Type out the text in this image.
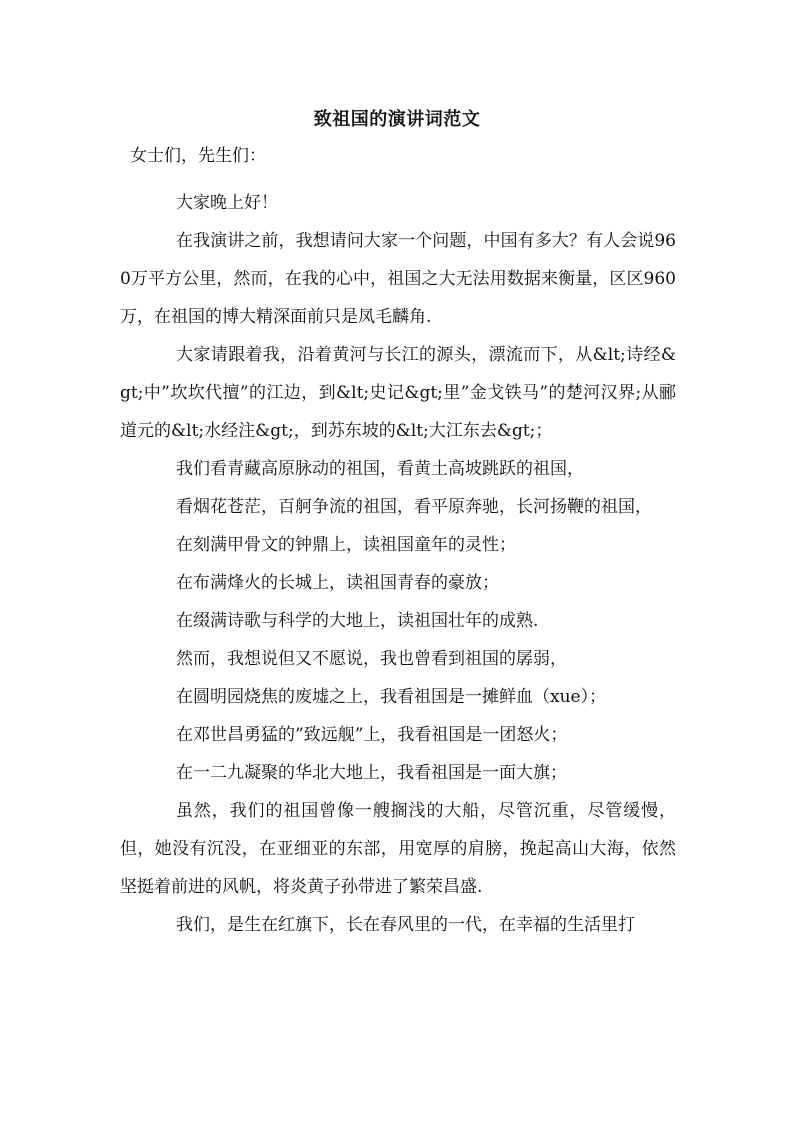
致祖国的演讲词范文

女士们，先生们：

大家晚上好！

在我演讲之前，我想请问大家一个问题，中国有多大？有人会说960万平方公里，然而，在我的心中，祖国之大无法用数据来衡量，区区960万，在祖国的博大精深面前只是凤毛麟角.

大家请跟着我，沿着黄河与长江的源头，漂流而下，从&lt;诗经&gt;中”坎坎代擅”的江边，到&lt;史记&gt;里”金戈铁马”的楚河汉界;从郦道元的&lt;水经注&gt;，到苏东坡的&lt;大江东去&gt;；

我们看青藏高原脉动的祖国，看黄土高坡跳跃的祖国，

看烟花苍茫，百舸争流的祖国，看平原奔驰，长河扬鞭的祖国，

在刻满甲骨文的钟鼎上，读祖国童年的灵性；

在布满烽火的长城上，读祖国青春的豪放；

在缀满诗歌与科学的大地上，读祖国壮年的成熟.

然而，我想说但又不愿说，我也曾看到祖国的孱弱，

在圆明园烧焦的废墟之上，我看祖国是一摊鲜血（xue）；

在邓世昌勇猛的”致远舰”上，我看祖国是一团怒火；

在一二九凝聚的华北大地上，我看祖国是一面大旗；

虽然，我们的祖国曾像一艘搁浅的大船，尽管沉重，尽管缓慢，但，她没有沉没，在亚细亚的东部，用宽厚的肩膀，挽起高山大海，依然坚挺着前进的风帆，将炎黄子孙带进了繁荣昌盛.

我们，是生在红旗下，长在春风里的一代，在幸福的生活里打
